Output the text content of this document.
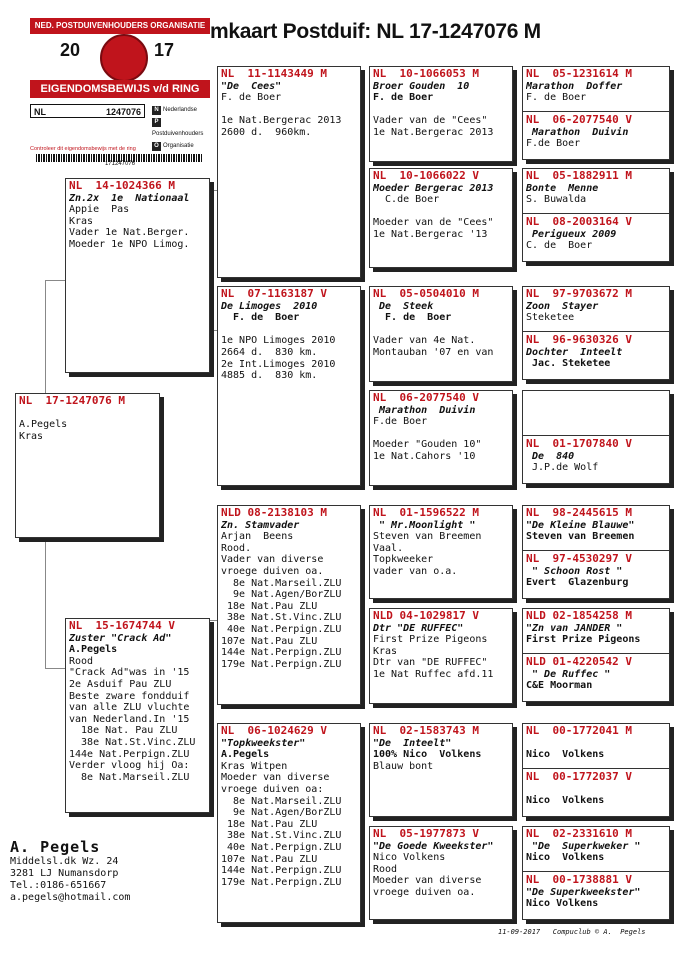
mkaart Postduif: NL 17-1247076 M
NED. POSTDUIVENHOUDERS ORGANISATIE
20	17
EIGENDOMSBEWIJS v/d RING
NL	1247076	N Nederlandse
PPostduivenhouders
O Organisatie
Controleer dit eigendomsbewijs met de ring
171247076
NL  17-1247076 M

A.Pegels
Kras
NL  14-1024366 M
Zn.2x  1e  Nationaal
Appie  Pas
Kras
Vader 1e Nat.Berger.
Moeder 1e NPO Limog.
NL  15-1674744 V
Zuster "Crack Ad"
A.Pegels
Rood
"Crack Ad"was in '15
2e Asduif Pau ZLU
Beste zware fondduif
van alle ZLU vluchte
van Nederland.In '15
18e Nat. Pau ZLU
38e Nat.St.Vinc.ZLU
144e Nat.Perpign.ZLU
Verder vloog hij Oa:
8e Nat.Marseil.ZLU
NL  11-1143449 M
"De  Cees"
F. de Boer

1e Nat.Bergerac 2013
2600 d.  960km.
NL  07-1163187 V
De Limoges  2010
F. de  Boer

1e NPO Limoges 2010
2664 d.  830 km.
2e Int.Limoges 2010
4885 d.  830 km.
NLD 08-2138103 M
Zn. Stamvader
Arjan  Beens
Rood.
Vader van diverse
vroege duiven oa.
8e Nat.Marseil.ZLU
9e Nat.Agen/BorZLU
18e Nat.Pau ZLU
38e Nat.St.Vinc.ZLU
40e Nat.Perpign.ZLU
107e Nat.Pau ZLU
144e Nat.Perpign.ZLU
179e Nat.Perpign.ZLU
NL  06-1024629 V
"Topkweekster"
A.Pegels
Kras Witpen
Moeder van diverse
vroege duiven oa:
8e Nat.Marseil.ZLU
9e Nat.Agen/BorZLU
18e Nat.Pau ZLU
38e Nat.St.Vinc.ZLU
40e Nat.Perpign.ZLU
107e Nat.Pau ZLU
144e Nat.Perpign.ZLU
179e Nat.Perpign.ZLU
NL  10-1066053 M
Broer Gouden  10
F. de Boer

Vader van de "Cees"
1e Nat.Bergerac 2013
NL  10-1066022 V
Moeder Bergerac 2013
C.de Boer

Moeder van de "Cees"
1e Nat.Bergerac '13
NL  05-0504010 M
De  Steek
F. de  Boer

Vader van 4e Nat.
Montauban '07 en van
NL  06-2077540 V
Marathon  Duivin
F.de Boer

Moeder "Gouden 10"
1e Nat.Cahors '10
NL  01-1596522 M
" Mr.Moonlight "
Steven van Breemen
Vaal.
Topkweeker
vader van o.a.
NLD 04-1029817 V
Dtr "DE RUFFEC"
First Prize Pigeons
Kras
Dtr van "DE RUFFEC"
1e Nat Ruffec afd.11
NL  02-1583743 M
"De  Inteelt"
100% Nico  Volkens
Blauw bont
NL  05-1977873 V
"De Goede Kweekster"
Nico Volkens
Rood
Moeder van diverse
vroege duiven oa.
NL  05-1231614 M
Marathon  Doffer
F. de Boer
NL  06-2077540 V
Marathon  Duivin
F.de Boer
NL  05-1882911 M
Bonte  Menne
S. Buwalda
NL  08-2003164 V
Perigueux 2009
C. de  Boer
NL  97-9703672 M
Zoon  Stayer
Steketee
NL  96-9630326 V
Dochter  Inteelt
Jac. Steketee

NL  01-1707840 V
De  840
J.P.de Wolf
NL  98-2445615 M
"De Kleine Blauwe"
Steven van Breemen
NL  97-4530297 V
" Schoon Rost "
Evert  Glazenburg
NLD 02-1854258 M
"Zn van JANDER "
First Prize Pigeons
NLD 01-4220542 V
" De Ruffec "
C&E Moorman
NL  00-1772041 M

Nico  Volkens
NL  00-1772037 V

Nico  Volkens
NL  02-2331610 M
"De  Superkweker "
Nico  Volkens
NL  00-1738881 V
"De Superkweekster"
Nico Volkens
A. Pegels
Middelsl.dk Wz. 24
3281 LJ Numansdorp
Tel.:0186-651667
a.pegels@hotmail.com
11-09-2017   Compuclub © A.  Pegels
